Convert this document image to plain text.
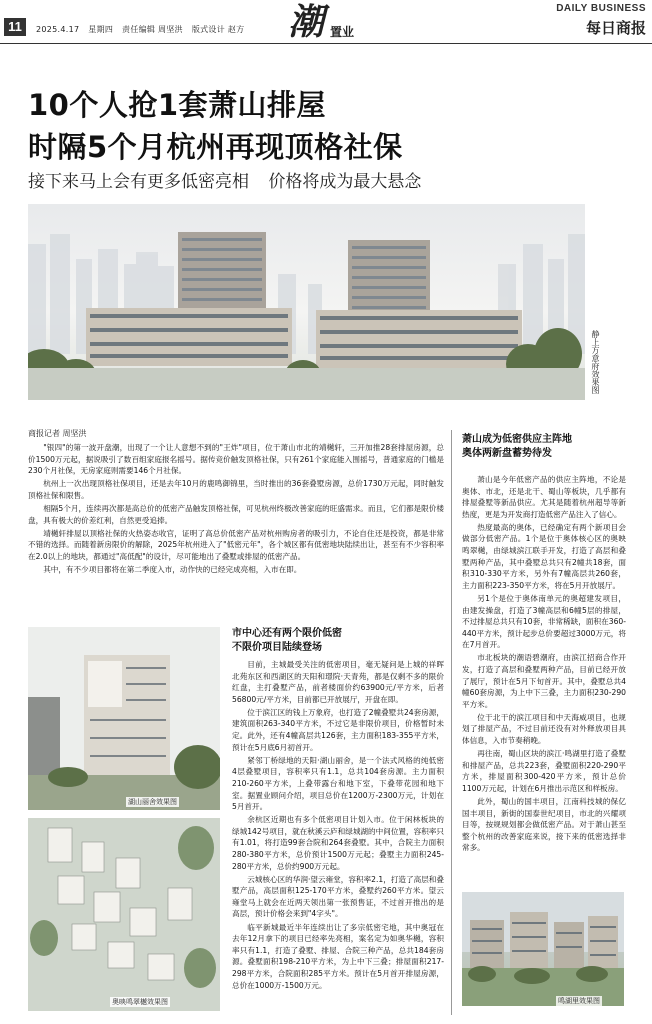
11	2025.4.17 星期四 责任编辑 周坚洪 版式设计 赵方 潮 置业
DAILY BUSINESS
每日商报
10个人抢1套萧山排屋
时隔5个月杭州再现顶格社保
接下来马上会有更多低密亮相 价格将成为最大悬念
静上方意府效果图
商报记者 周坚洪

"银四"的第一波开盘潮，出现了一个让人意想不到的"王炸"项目，位于萧山市北的靖樾轩，三开加推28套排屋房源，总价1500万元起，据说吸引了数百组家庭报名摇号。据传竞价触发顶格社保，只有261个家庭能入围摇号，普通家庭的门槛是230个月社保，无房家庭则需要146个月社保。

杭州上一次出现顶格社保项目，还是去年10月的鹿鸣御锦里，当时推出的36套叠墅房源，总价1730万元起，同时触发顶格社保和限售。

相隔5个月，连续再次都是高总价的低密产品触发顶格社保，可见杭州终极改善家庭的旺盛需求。而且，它们都是限价楼盘，具有极大的价差红利，自然更受追捧。

靖樾轩排屋以顶格社保的火热姿态收官，证明了高总价低密产品对杭州购房者的吸引力，不论自住还是投资，都是非常不错的选择。而随着新房限价的解除，2025年杭州进入了"低密元年"，各个城区都有低密地块陆续出让，甚至有不少容积率在2.0以上的地块，都通过"高低配"的设计，尽可能地出了叠墅或排屋的低密产品。

其中，有不少项目都将在第二季度入市，动作快的已经完成亮相，入市在即。

萧山成为低密供应主阵地
奥体两新盘蓄势待发

萧山是今年低密产品的供应主阵地，不论是奥体、市北，还是北干、蜀山等板块，几乎都有排屋叠墅等新品供应。尤其是随着杭州超导等新热度，更是为开发商打造低密产品注入了信心。

热度最高的奥体，已经确定有两个新项目会做部分低密产品。1个是位于奥体核心区的奥映鸣翠樾，由绿城滨江联手开发，打造了高层和叠墅两种产品，其中叠墅总共只有2幢共18套，面积310-330平方米，另外有7幢高层共260套，主力面积223-350平方米，将在5月开放展厅。

另1个是位于奥体南单元的奥超建发项目，由建发操盘，打造了3幢高层和6幢5层的排屋，不过排屋总共只有10套，非常稀缺，面积在360-440平方米，预计起步总价要超过3000万元，将在7月首开。

市北板块的潮语碧潮府，由滨江招商合作开发，打造了高层和叠墅两种产品，目前已经开放了展厅，预计在5月下旬首开。其中，叠墅总共4幢60套房源，为上中下三叠，主力面积230-290平方米。

位于北干的滨江项目和中天海威项目，也规划了排屋产品，不过目前还没有对外释放项目具体信息，入市节奏稍晚。

再往南，蜀山区块的滨江·鸣湖里打造了叠墅和排屋产品，总共223套，叠墅面积220-290平方米，排屋面积300-420平方米，预计总价1100万元起，计划在6月推出示范区和样板房。

此外，蜀山的国丰项目，江南科技城的保亿国丰项目，新街的国泰世纪项目，市北的兴耀项目等，按规规划都会做低密产品。对于萧山甚至整个杭州的改善家庭来说，接下来的低密选择非常多。

鸣湖里效果图
市中心还有两个限价低密
不限价项目陆续登场

目前，主城最受关注的低密项目，毫无疑问是上城的祥晖北苑东区和西湖区的天阳和璟院·天青苑，都是仅剩不多的限价红盘，主打叠墅产品，前者楼面价约63900元/平方米，后者56800元/平方米，目前都已开放展厅，开盘在即。

位于滨江区的钱上万象府，也打造了2幢叠墅共24套房源，建筑面积263-340平方米，不过它是非限价项目，价格暂时未定。此外，还有4幢高层共126套，主力面积183-355平方米，预计在5月底6月初首开。

紧邻丁桥绿地的天阳·湖山丽舍，是一个法式风格的纯低密4层叠墅项目，容积率只有1.1，总共104套房源。主力面积210-260平方米，上叠带露台和地下室，下叠带花园和地下室。据置业顾问介绍，项目总价在1200万-2300万元，计划在5月首开。

余杭区近期也有多个低密项目计划入市。位于闲林板块的绿城142号项目，就在秋溪云庐和绿城湖的中间位置，容积率只有1.01，将打造99套合院和264套叠墅。其中，合院主力面积280-380平方米，总价预计1500万元起；叠墅主力面积245-280平方米，总价约900万元起。

云城核心区的华润·望云雍堂，容积率2.1，打造了高层和叠墅产品，高层面积125-170平方米，叠墅约260平方米。望云雍堂马上就会在近两天领出第一张预售证，不过首开推出的是高层，预计价格会来到"4字头"。

临平新城最近半年连续出让了多宗低密宅地，其中奥冠在去年12月拿下的项目已经率先亮相，案名定为如奥华樾，容积率只有1.1，打造了叠墅、排屋、合院三种产品，总共184套房源。叠墅面积198-210平方米，为上中下三叠；排屋面积217-298平方米，合院面积285平方米。预计在5月首开排屋房源，总价在1000万-1500万元。

湖山丽舍效果图
奥映鸣翠樾效果图
